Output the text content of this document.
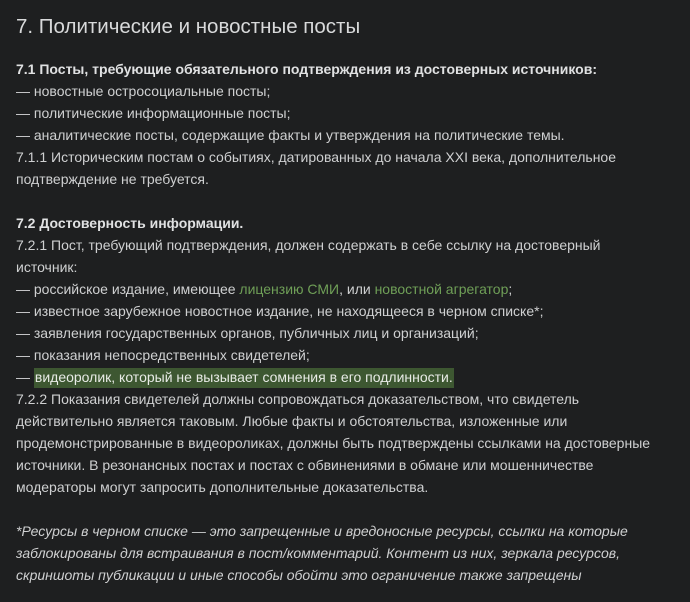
7. Политические и новостные посты

7.1 Посты, требующие обязательного подтверждения из достоверных источников:

— новостные остросоциальные посты;

— политические информационные посты;

— аналитические посты, содержащие факты и утверждения на политические темы.

7.1.1 Историческим постам о событиях, датированных до начала XXI века, дополнительное

подтверждение не требуется.

7.2 Достоверность информации.

7.2.1 Пост, требующий подтверждения, должен содержать в себе ссылку на достоверный

источник:

— российское издание, имеющее лицензию СМИ, или новостной агрегатор;

— известное зарубежное новостное издание, не находящееся в черном списке*;

— заявления государственных органов, публичных лиц и организаций;

— показания непосредственных свидетелей;

— видеоролик, который не вызывает сомнения в его подлинности.

7.2.2 Показания свидетелей должны сопровождаться доказательством, что свидетель

действительно является таковым. Любые факты и обстоятельства, изложенные или

продемонстрированные в видеороликах, должны быть подтверждены ссылками на достоверные

источники. В резонансных постах и постах с обвинениями в обмане или мошенничестве

модераторы могут запросить дополнительные доказательства.

*Ресурсы в черном списке — это запрещенные и вредоносные ресурсы, ссылки на которые

заблокированы для встраивания в пост/комментарий. Контент из них, зеркала ресурсов,

скриншоты публикации и иные способы обойти это ограничение также запрещены
